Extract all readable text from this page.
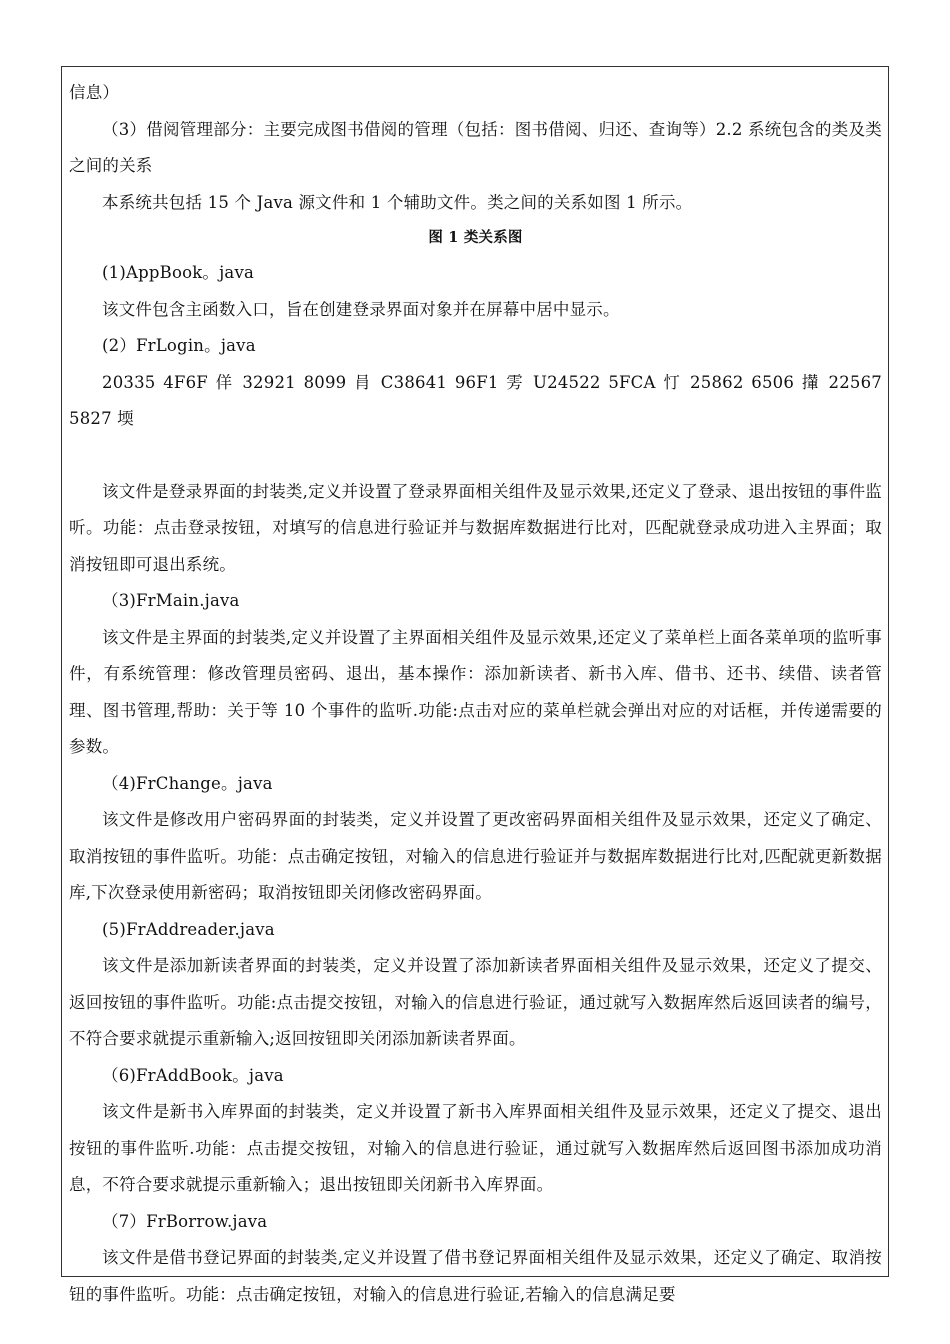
信息）

（3）借阅管理部分：主要完成图书借阅的管理（包括：图书借阅、归还、查询等）2.2 系统包含的类及类之间的关系

本系统共包括 15 个 Java 源文件和 1 个辅助文件。类之间的关系如图 1 所示。

图 1 类关系图

(1)AppBook。java

该文件包含主函数入口，旨在创建登录界面对象并在屏幕中居中显示。

(2）FrLogin。java

20335 4F6F 佯 32921 8099 肙 C38641 96F1 雱 U24522 5FCA 忊 25862 6506 攆 22567 5827 堧

该文件是登录界面的封装类,定义并设置了登录界面相关组件及显示效果,还定义了登录、退出按钮的事件监听。功能：点击登录按钮，对填写的信息进行验证并与数据库数据进行比对，匹配就登录成功进入主界面；取消按钮即可退出系统。

（3)FrMain.java

该文件是主界面的封装类,定义并设置了主界面相关组件及显示效果,还定义了菜单栏上面各菜单项的监听事件，有系统管理：修改管理员密码、退出，基本操作：添加新读者、新书入库、借书、还书、续借、读者管理、图书管理,帮助：关于等 10 个事件的监听.功能:点击对应的菜单栏就会弹出对应的对话框，并传递需要的参数。

（4)FrChange。java

该文件是修改用户密码界面的封装类，定义并设置了更改密码界面相关组件及显示效果，还定义了确定、取消按钮的事件监听。功能：点击确定按钮，对输入的信息进行验证并与数据库数据进行比对,匹配就更新数据库,下次登录使用新密码；取消按钮即关闭修改密码界面。

(5)FrAddreader.java

该文件是添加新读者界面的封装类，定义并设置了添加新读者界面相关组件及显示效果，还定义了提交、返回按钮的事件监听。功能:点击提交按钮，对输入的信息进行验证，通过就写入数据库然后返回读者的编号，不符合要求就提示重新输入;返回按钮即关闭添加新读者界面。

（6)FrAddBook。java

该文件是新书入库界面的封装类，定义并设置了新书入库界面相关组件及显示效果，还定义了提交、退出按钮的事件监听.功能：点击提交按钮，对输入的信息进行验证，通过就写入数据库然后返回图书添加成功消息，不符合要求就提示重新输入；退出按钮即关闭新书入库界面。

（7）FrBorrow.java

该文件是借书登记界面的封装类,定义并设置了借书登记界面相关组件及显示效果，还定义了确定、取消按钮的事件监听。功能：点击确定按钮，对输入的信息进行验证,若输入的信息满足要
